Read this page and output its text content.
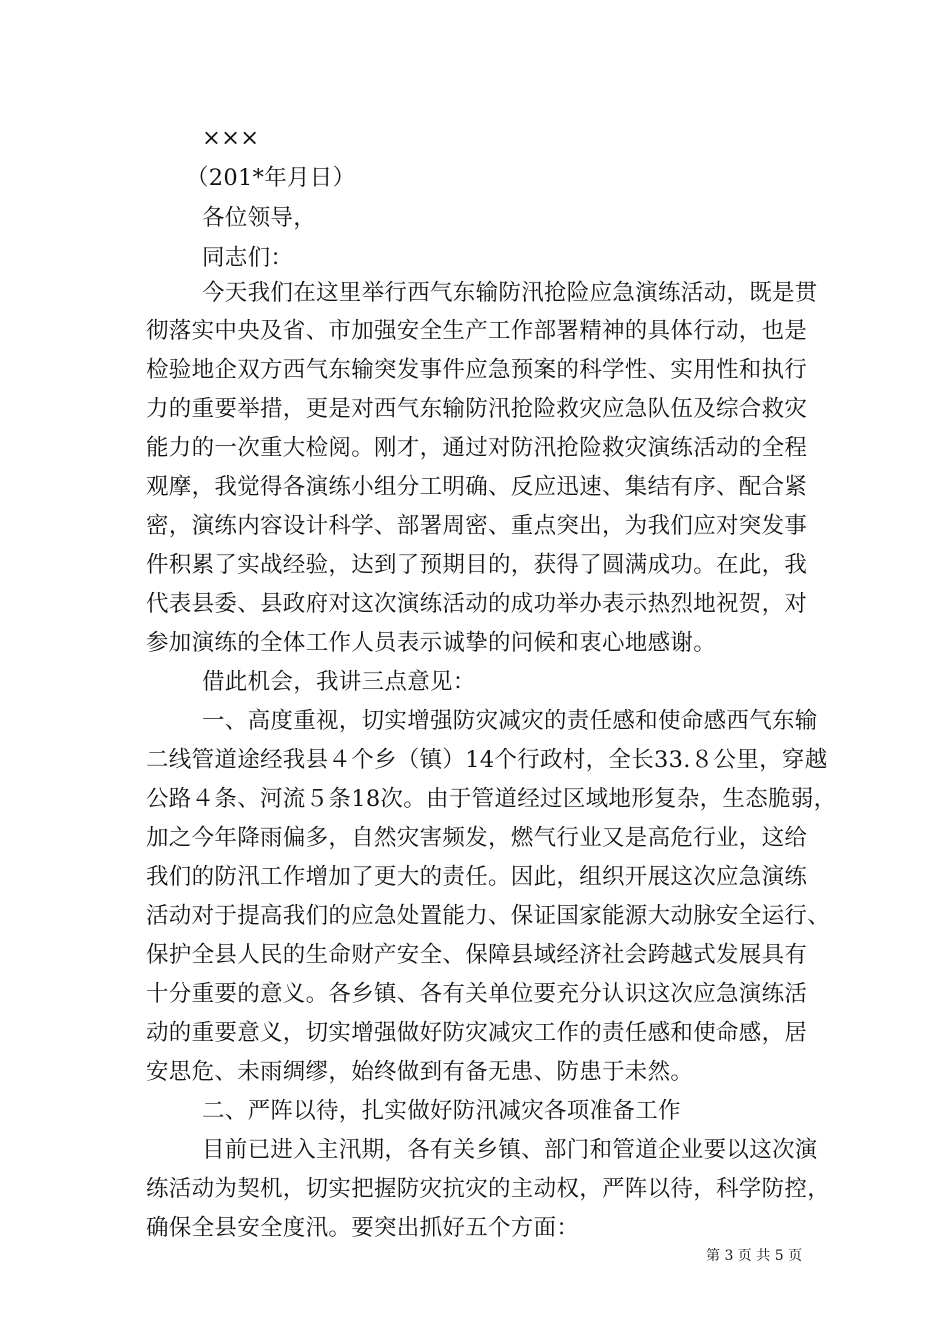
×××
（201*年月日）
各位领导，
同志们：
今天我们在这里举行西气东输防汛抢险应急演练活动，既是贯
彻落实中央及省、市加强安全生产工作部署精神的具体行动，也是
检验地企双方西气东输突发事件应急预案的科学性、实用性和执行
力的重要举措，更是对西气东输防汛抢险救灾应急队伍及综合救灾
能力的一次重大检阅。刚才，通过对防汛抢险救灾演练活动的全程
观摩，我觉得各演练小组分工明确、反应迅速、集结有序、配合紧
密，演练内容设计科学、部署周密、重点突出，为我们应对突发事
件积累了实战经验，达到了预期目的，获得了圆满成功。在此，我
代表县委、县政府对这次演练活动的成功举办表示热烈地祝贺，对
参加演练的全体工作人员表示诚挚的问候和衷心地感谢。
借此机会，我讲三点意见：
一、高度重视，切实增强防灾减灾的责任感和使命感西气东输
二线管道途经我县４个乡（镇）14个行政村，全长33.８公里，穿越
公路４条、河流５条18次。由于管道经过区域地形复杂，生态脆弱，
加之今年降雨偏多，自然灾害频发，燃气行业又是高危行业，这给
我们的防汛工作增加了更大的责任。因此，组织开展这次应急演练
活动对于提高我们的应急处置能力、保证国家能源大动脉安全运行、
保护全县人民的生命财产安全、保障县域经济社会跨越式发展具有
十分重要的意义。各乡镇、各有关单位要充分认识这次应急演练活
动的重要意义，切实增强做好防灾减灾工作的责任感和使命感，居
安思危、未雨绸缪，始终做到有备无患、防患于未然。
二、严阵以待，扎实做好防汛减灾各项准备工作
目前已进入主汛期，各有关乡镇、部门和管道企业要以这次演
练活动为契机，切实把握防灾抗灾的主动权，严阵以待，科学防控，
确保全县安全度汛。要突出抓好五个方面：
第 3 页 共 5 页
